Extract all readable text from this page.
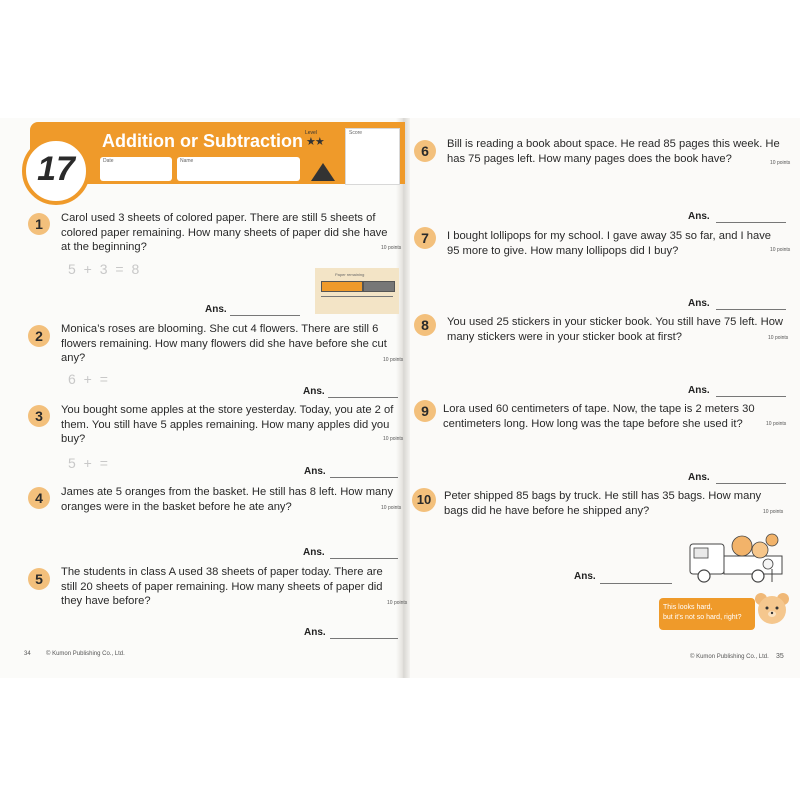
17
Addition or Subtraction
Date	Name
Level
★★
Score
1	Carol used 3 sheets of colored paper. There are still 5 sheets of colored paper remaining. How many sheets of paper did she have at the beginning?	10 points
5 + 3 = 8	Paper remaining
Ans.
2	Monica’s roses are blooming. She cut 4 flowers. There are still 6 flowers remaining. How many flowers did she have before she cut any?	10 points
6 + =
Ans.
3	You bought some apples at the store yesterday. Today, you ate 2 of them. You still have 5 apples remaining. How many apples did you buy?	10 points
5 + =
Ans.
4	James ate 5 oranges from the basket. He still has 8 left. How many oranges were in the basket before he ate any?	10 points
Ans.
5	The students in class A used 38 sheets of paper today. There are still 20 sheets of paper remaining. How many sheets of paper did they have before?	10 points
Ans.
34	© Kumon Publishing Co., Ltd.
6	Bill is reading a book about space. He read 85 pages this week. He has 75 pages left. How many pages does the book have?	10 points
Ans.
7	I bought lollipops for my school. I gave away 35 so far, and I have 95 more to give. How many lollipops did I buy?	10 points
Ans.
8	You used 25 stickers in your sticker book. You still have 75 left. How many stickers were in your sticker book at first?	10 points
Ans.
9	Lora used 60 centimeters of tape. Now, the tape is 2 meters 30 centimeters long. How long was the tape before she used it?	10 points
Ans.
10	Peter shipped 85 bags by truck. He still has 35 bags. How many bags did he have before he shipped any?	10 points
Ans.
This looks hard,
but it’s not so hard, right?
© Kumon Publishing Co., Ltd. 35
